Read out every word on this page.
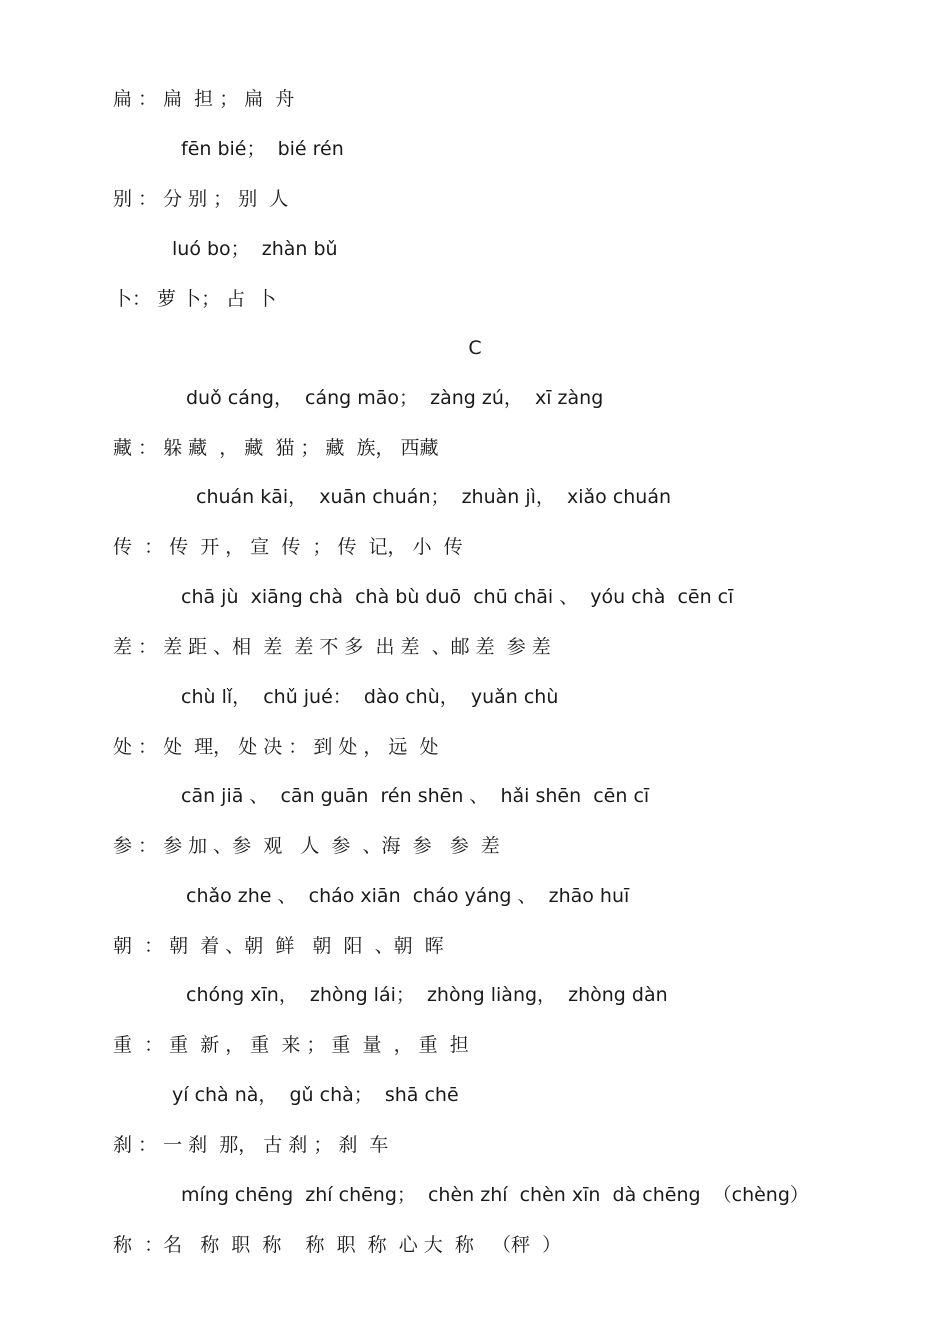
扁 ： 扁  担 ； 扁  舟
fēn bié；  bié rén
别 ： 分 别 ； 别  人
luó bo；  zhàn bǔ
卜： 萝 卜； 占  卜
C
duǒ cáng，  cáng māo；  zàng zú，  xī zàng
藏 ： 躲 藏  ， 藏  猫 ； 藏  族， 西藏
chuán kāi，  xuān chuán；  zhuàn jì，  xiǎo chuán
传  ： 传  开 ， 宣  传  ； 传  记， 小  传
chā jù  xiāng chà  chà bù duō  chū chāi 、  yóu chà  cēn cī
差 ： 差 距 、相  差  差 不 多  出 差  、邮 差  参 差
chù lǐ，  chǔ jué：  dào chù，  yuǎn chù
处 ： 处  理， 处 决 ： 到 处 ， 远  处
cān jiā 、  cān guān  rén shēn 、  hǎi shēn  cēn cī
参 ： 参 加 、参  观   人  参  、海  参   参  差
chǎo zhe 、  cháo xiān  cháo yáng 、  zhāo huī
朝  ： 朝  着 、朝  鲜   朝  阳  、朝  晖
chóng xīn，  zhòng lái；  zhòng liàng，  zhòng dàn
重  ： 重  新 ， 重  来 ； 重  量  ， 重  担
yí chà nà，  gǔ chà；  shā chē
刹 ： 一 刹  那， 古 刹 ； 刹  车
míng chēng  zhí chēng；  chèn zhí  chèn xīn  dà chēng  （chèng）
称  ：名   称  职  称    称  职  称  心 大  称   （秤  ）
